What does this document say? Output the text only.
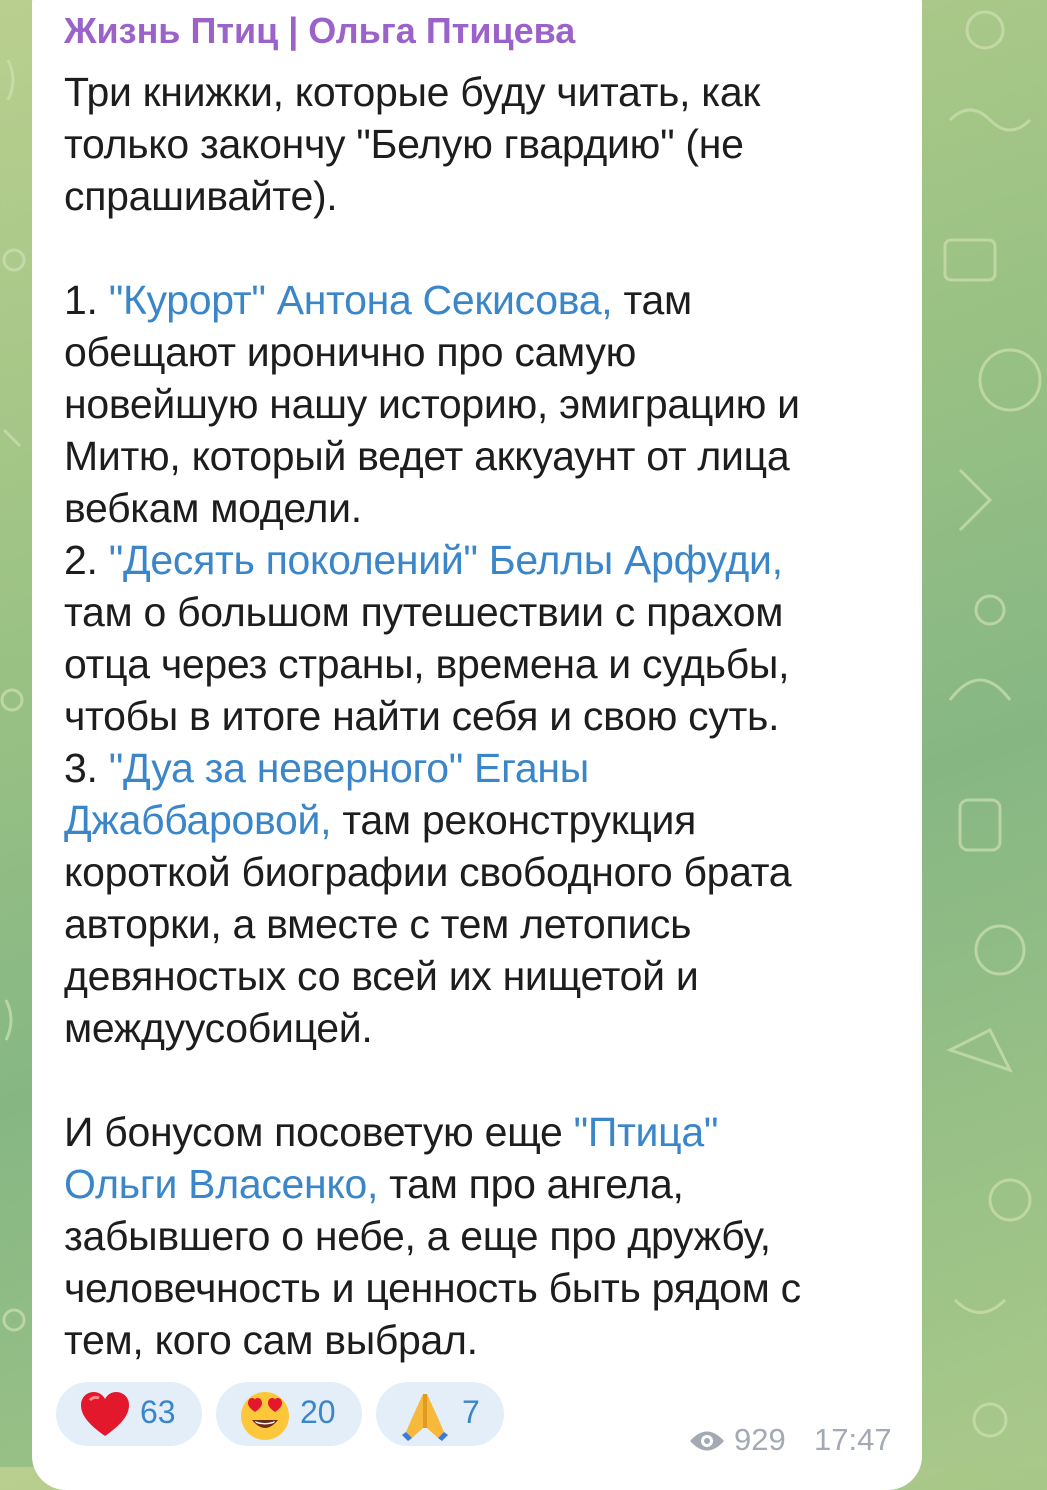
Жизнь Птиц | Ольга Птицева
Три книжки, которые буду читать, как
только закончу "Белую гвардию" (не
спрашивайте).
1. "Курорт" Антона Секисова, там
обещают иронично про самую
новейшую нашу историю, эмиграцию и
Митю, который ведет аккуаунт от лица
вебкам модели.
2. "Десять поколений" Беллы Арфуди,
там о большом путешествии с прахом
отца через страны, времена и судьбы,
чтобы в итоге найти себя и свою суть.
3. "Дуа за неверного" Еганы
Джаббаровой, там реконструкция
короткой биографии свободного брата
авторки, а вместе с тем летопись
девяностых со всей их нищетой и
междуусобицей.
И бонусом посоветую еще "Птица"
Ольги Власенко, там про ангела,
забывшего о небе, а еще про дружбу,
человечность и ценность быть рядом с
тем, кого сам выбрал.
63	20	7
929 17:47
